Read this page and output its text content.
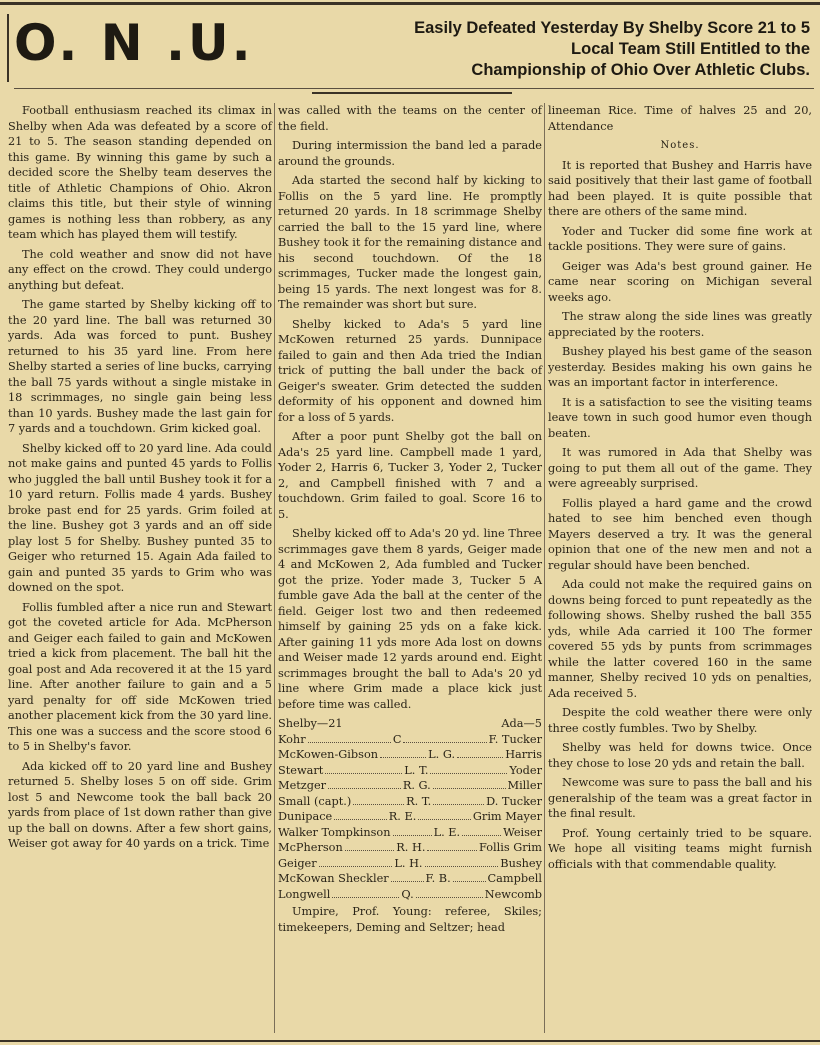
O. N .U.	Easily Defeated Yesterday By Shelby Score 21 to 5
Local Team Still Entitled to the
Championship of Ohio Over Athletic Clubs.

Football enthusiasm reached its climax in Shelby when Ada was defeated by a score of 21 to 5. The season standing depended on this game. By winning this game by such a decided score the Shelby team deserves the title of Athletic Champions of Ohio. Akron claims this title, but their style of winning games is nothing less than robbery, as any team which has played them will testify.

The cold weather and snow did not have any effect on the crowd. They could undergo anything but defeat.

The game started by Shelby kicking off to the 20 yard line. The ball was returned 30 yards. Ada was forced to punt. Bushey returned to his 35 yard line. From here Shelby started a series of line bucks, carrying the ball 75 yards without a single mistake in 18 scrimmages, no single gain being less than 10 yards. Bushey made the last gain for 7 yards and a touchdown. Grim kicked goal.

Shelby kicked off to 20 yard line. Ada could not make gains and punted 45 yards to Follis who juggled the ball until Bushey took it for a 10 yard return. Follis made 4 yards. Bushey broke past end for 25 yards. Grim foiled at the line. Bushey got 3 yards and an off side play lost 5 for Shelby. Bushey punted 35 to Geiger who returned 15. Again Ada failed to gain and punted 35 yards to Grim who was downed on the spot.

Follis fumbled after a nice run and Stewart got the coveted article for Ada. McPherson and Geiger each failed to gain and McKowen tried a kick from placement. The ball hit the goal post and Ada recovered it at the 15 yard line. After another failure to gain and a 5 yard penalty for off side McKowen tried another placement kick from the 30 yard line. This one was a success and the score stood 6 to 5 in Shelby's favor.

Ada kicked off to 20 yard line and Bushey returned 5. Shelby loses 5 on off side. Grim lost 5 and Newcome took the ball back 20 yards from place of 1st down rather than give up the ball on downs. After a few short gains, Weiser got away for 40 yards on a trick. Time

was called with the teams on the center of the field.

During intermission the band led a parade around the grounds.

Ada started the second half by kicking to Follis on the 5 yard line. He promptly returned 20 yards. In 18 scrimmage Shelby carried the ball to the 15 yard line, where Bushey took it for the remaining distance and his second touchdown. Of the 18 scrimmages, Tucker made the longest gain, being 15 yards. The next longest was for 8. The remainder was short but sure.

Shelby kicked to Ada's 5 yard line McKowen returned 25 yards. Dunnipace failed to gain and then Ada tried the Indian trick of putting the ball under the back of Geiger's sweater. Grim detected the sudden deformity of his opponent and downed him for a loss of 5 yards.

After a poor punt Shelby got the ball on Ada's 25 yard line. Campbell made 1 yard, Yoder 2, Harris 6, Tucker 3, Yoder 2, Tucker 2, and Campbell finished with 7 and a touchdown. Grim failed to goal. Score 16 to 5.

Shelby kicked off to Ada's 20 yd. line Three scrimmages gave them 8 yards, Geiger made 4 and McKowen 2, Ada fumbled and Tucker got the prize. Yoder made 3, Tucker 5 A fumble gave Ada the ball at the center of the field. Geiger lost two and then redeemed himself by gaining 25 yds on a fake kick. After gaining 11 yds more Ada lost on downs and Weiser made 12 yards around end. Eight scrimmages brought the ball to Ada's 20 yd line where Grim made a place kick just before time was called.

Shelby—21	Ada—5
Kohr	C	F. Tucker
McKowen-Gibson	L. G.	Harris
Stewart	L. T.	Yoder
Metzger	R. G.	Miller
Small (capt.)	R. T.	D. Tucker
Dunipace	R. E.	Grim Mayer
Walker Tompkinson	L. E.	Weiser
McPherson	R. H.	Follis Grim
Geiger	L. H.	Bushey
McKowan Sheckler	F. B.	Campbell
Longwell	Q.	Newcomb

Umpire, Prof. Young: referee, Skiles; timekeepers, Deming and Seltzer; head

lineeman Rice. Time of halves 25 and 20, Attendance

Notes.

It is reported that Bushey and Harris have said positively that their last game of football had been played. It is quite possible that there are others of the same mind.

Yoder and Tucker did some fine work at tackle positions. They were sure of gains.

Geiger was Ada's best ground gainer. He came near scoring on Michigan several weeks ago.

The straw along the side lines was greatly appreciated by the rooters.

Bushey played his best game of the season yesterday. Besides making his own gains he was an important factor in interference.

It is a satisfaction to see the visiting teams leave town in such good humor even though beaten.

It was rumored in Ada that Shelby was going to put them all out of the game. They were agreeably surprised.

Follis played a hard game and the crowd hated to see him benched even though Mayers deserved a try. It was the general opinion that one of the new men and not a regular should have been benched.

Ada could not make the required gains on downs being forced to punt repeatedly as the following shows. Shelby rushed the ball 355 yds, while Ada carried it 100 The former covered 55 yds by punts from scrimmages while the latter covered 160 in the same manner, Shelby recived 10 yds on penalties, Ada received 5.

Despite the cold weather there were only three costly fumbles. Two by Shelby.

Shelby was held for downs twice. Once they chose to lose 20 yds and retain the ball.

Newcome was sure to pass the ball and his generalship of the team was a great factor in the final result.

Prof. Young certainly tried to be square. We hope all visiting teams might furnish officials with that commendable quality.
